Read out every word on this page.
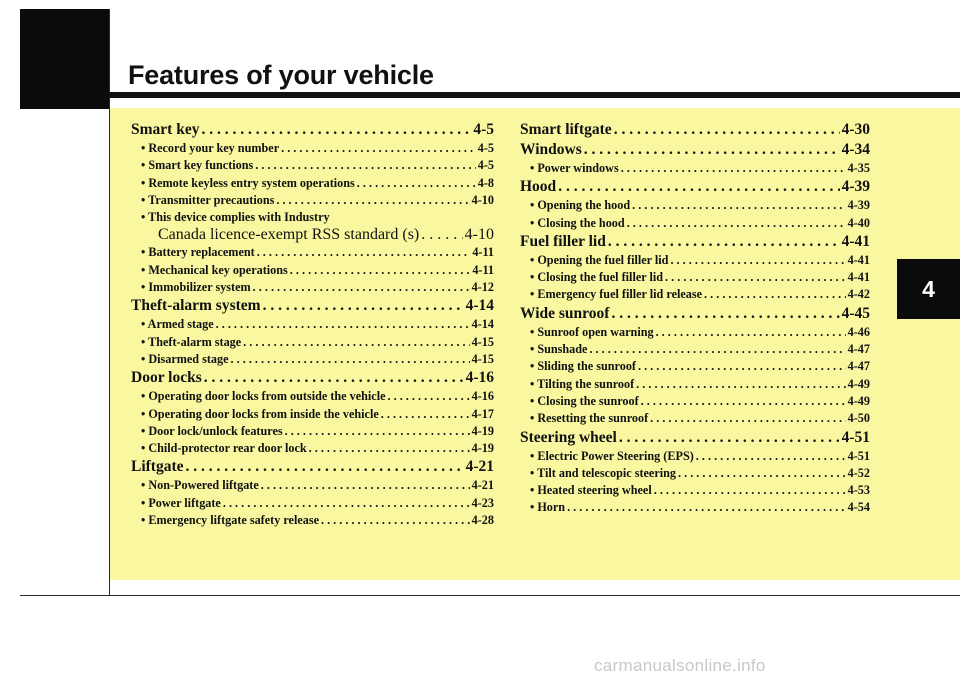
Features of your vehicle
4
Smart key . . .	4-5
• Record your key number . . .	4-5
• Smart key functions . . .	4-5
• Remote keyless entry system operations . . .	4-8
• Transmitter precautions . . .	4-10
• This device complies with Industry
Canada licence-exempt RSS standard (s) . . .	4-10
• Battery replacement . . .	4-11
• Mechanical key operations . . .	4-11
• Immobilizer system . . .	4-12
Theft-alarm system . . .	4-14
• Armed stage . . .	4-14
• Theft-alarm stage . . .	4-15
• Disarmed stage . . .	4-15
Door locks . . .	4-16
• Operating door locks from outside the vehicle . . .	4-16
• Operating door locks from inside the vehicle . . .	4-17
• Door lock/unlock features . . .	4-19
• Child-protector rear door lock . . .	4-19
Liftgate . . .	4-21
• Non-Powered liftgate . . .	4-21
• Power liftgate . . .	4-23
• Emergency liftgate safety release . . .	4-28
Smart liftgate . . .	4-30
Windows . . .	4-34
• Power windows . . .	4-35
Hood . . .	4-39
• Opening the hood . . .	4-39
• Closing the hood . . .	4-40
Fuel filler lid . . .	4-41
• Opening the fuel filler lid . . .	4-41
• Closing the fuel filler lid . . .	4-41
• Emergency fuel filler lid release . . .	4-42
Wide sunroof . . .	4-45
• Sunroof open warning . . .	4-46
• Sunshade . . .	4-47
• Sliding the sunroof . . .	4-47
• Tilting the sunroof . . .	4-49
• Closing the sunroof . . .	4-49
• Resetting the sunroof . . .	4-50
Steering wheel . . .	4-51
• Electric Power Steering (EPS) . . .	4-51
• Tilt and telescopic steering . . .	4-52
• Heated steering wheel . . .	4-53
• Horn . . .	4-54

carmanualsonline.info
